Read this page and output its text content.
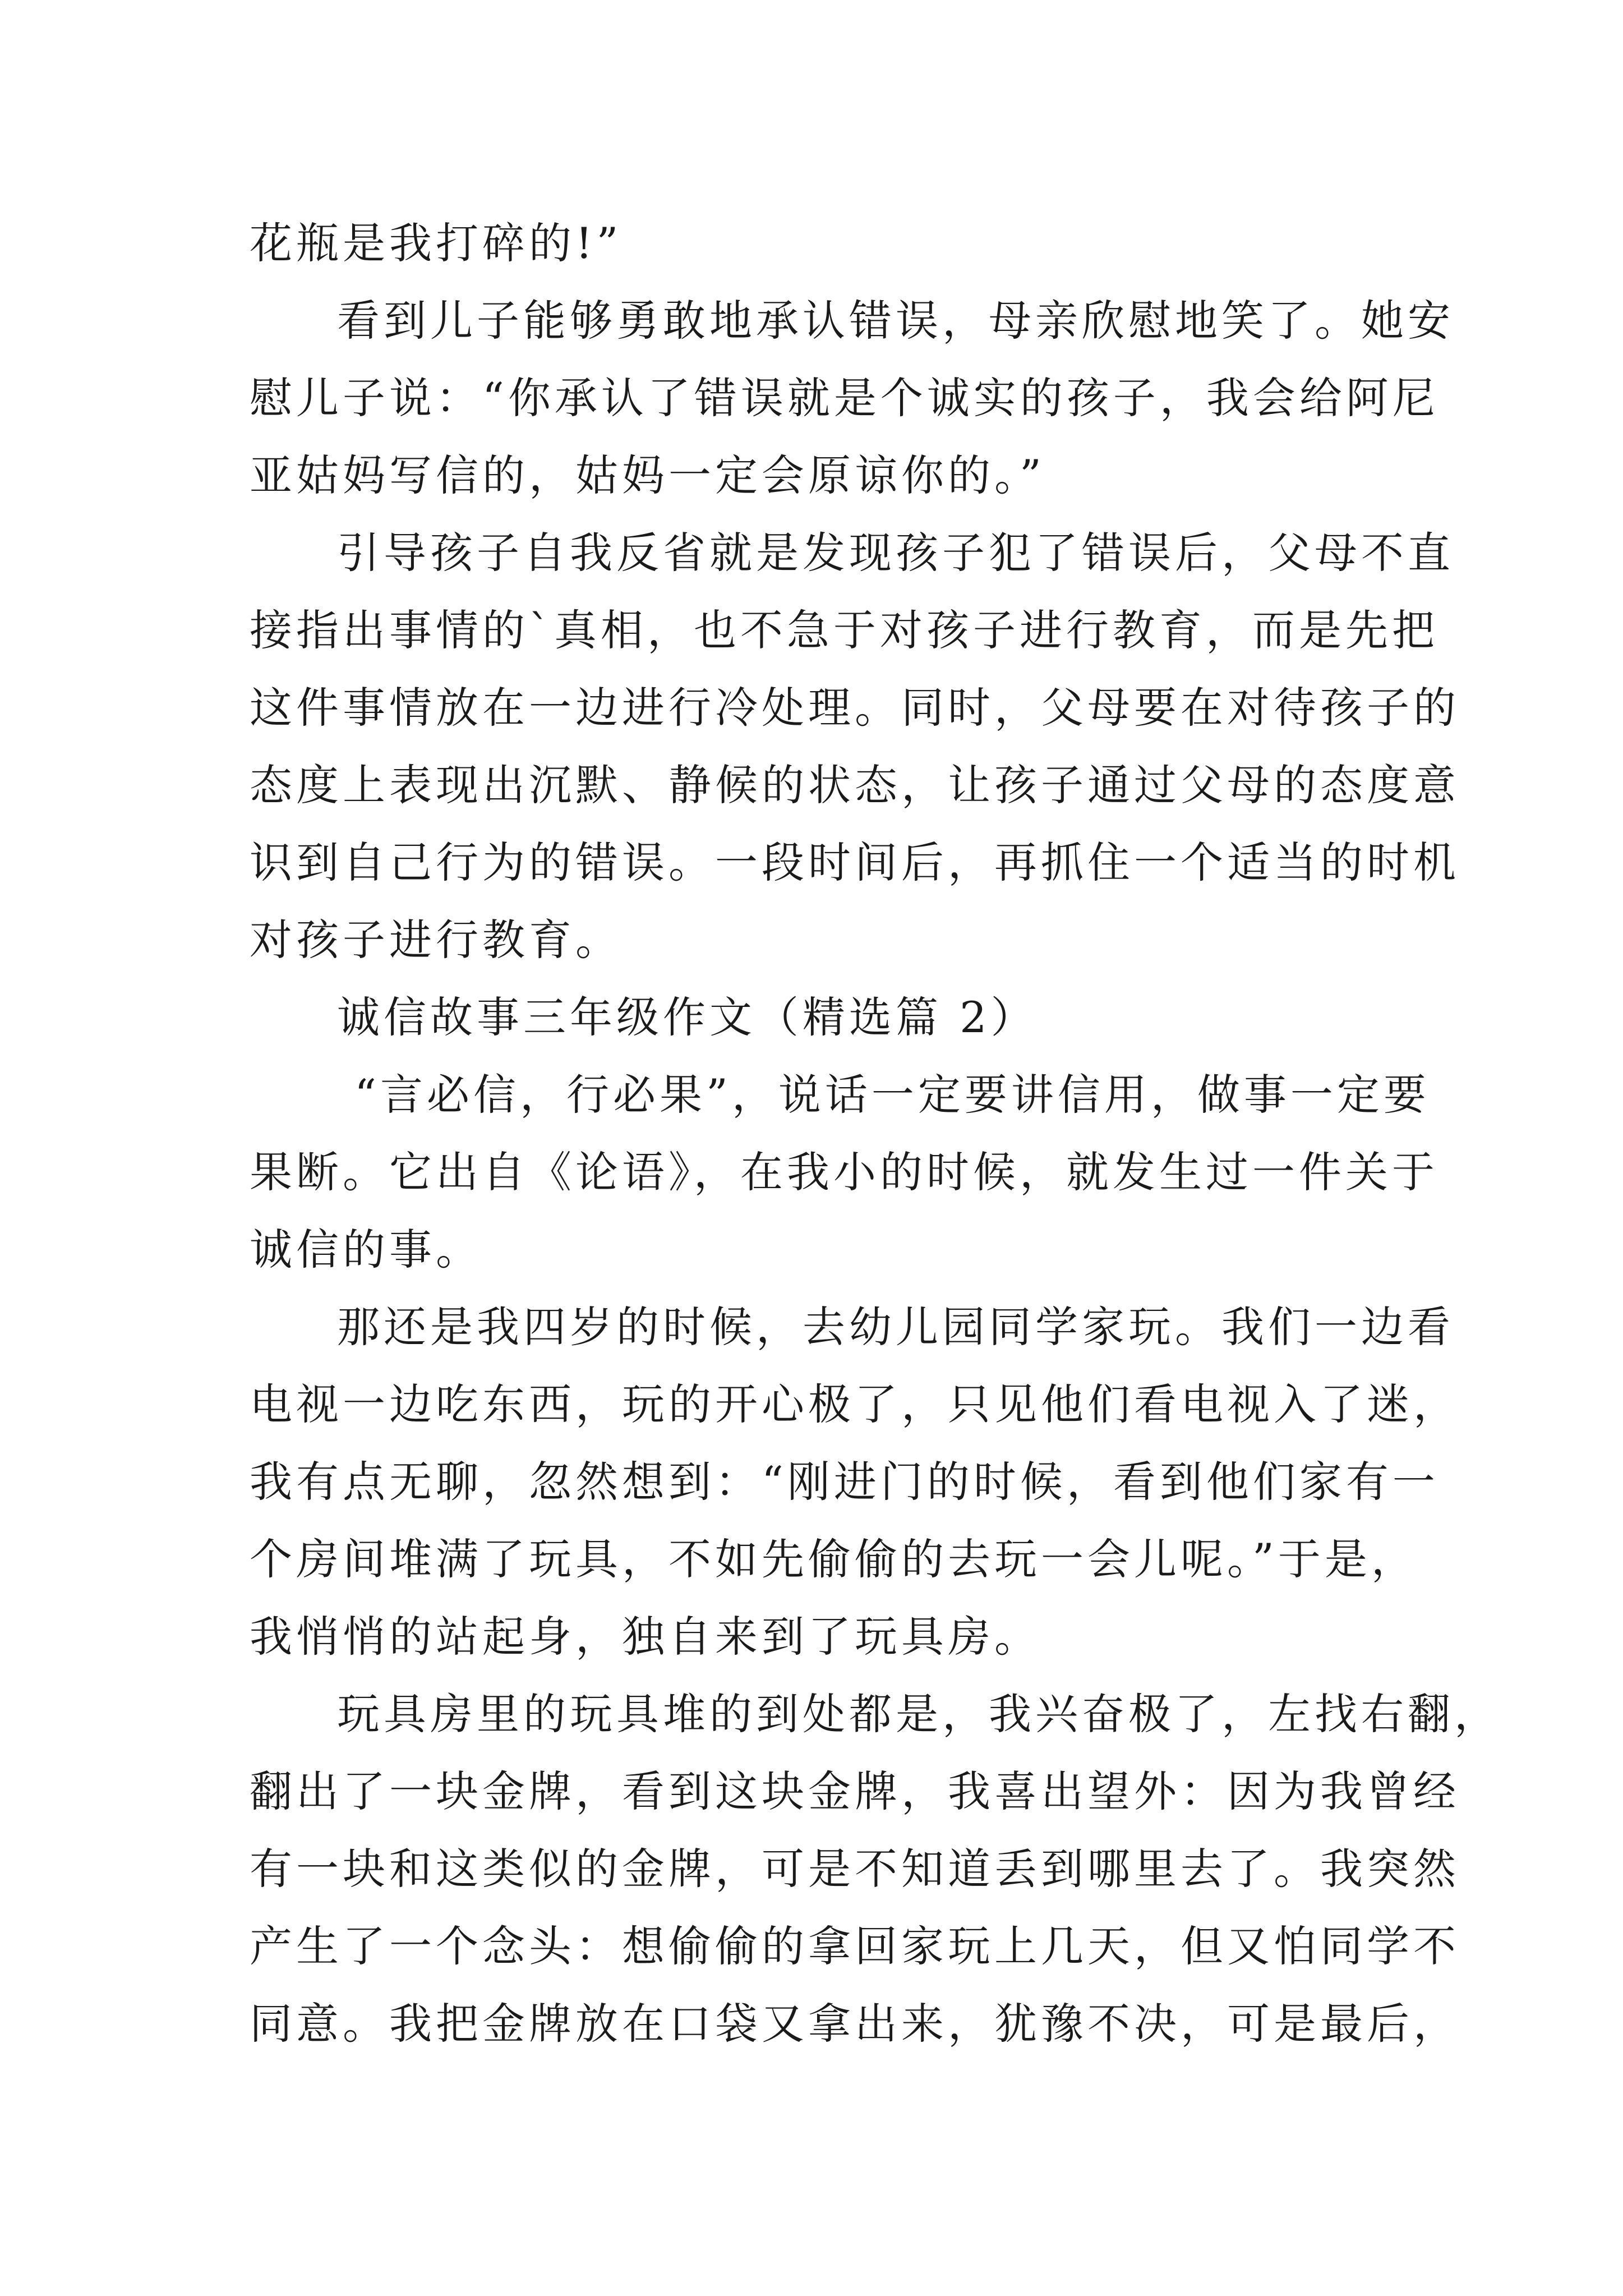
花瓶是我打碎的!”
看到儿子能够勇敢地承认错误，母亲欣慰地笑了。她安
慰儿子说：“你承认了错误就是个诚实的孩子，我会给阿尼
亚姑妈写信的，姑妈一定会原谅你的。”
引导孩子自我反省就是发现孩子犯了错误后，父母不直
接指出事情的`真相，也不急于对孩子进行教育，而是先把
这件事情放在一边进行冷处理。同时，父母要在对待孩子的
态度上表现出沉默、静候的状态，让孩子通过父母的态度意
识到自己行为的错误。一段时间后，再抓住一个适当的时机
对孩子进行教育。
诚信故事三年级作文（精选篇 2）
“言必信，行必果”，说话一定要讲信用，做事一定要
果断。它出自《论语》，在我小的时候，就发生过一件关于
诚信的事。
那还是我四岁的时候，去幼儿园同学家玩。我们一边看
电视一边吃东西，玩的开心极了，只见他们看电视入了迷，
我有点无聊，忽然想到：“刚进门的时候，看到他们家有一
个房间堆满了玩具，不如先偷偷的去玩一会儿呢。”于是，
我悄悄的站起身，独自来到了玩具房。
玩具房里的玩具堆的到处都是，我兴奋极了，左找右翻，
翻出了一块金牌，看到这块金牌，我喜出望外：因为我曾经
有一块和这类似的金牌，可是不知道丢到哪里去了。我突然
产生了一个念头：想偷偷的拿回家玩上几天，但又怕同学不
同意。我把金牌放在口袋又拿出来，犹豫不决，可是最后，
